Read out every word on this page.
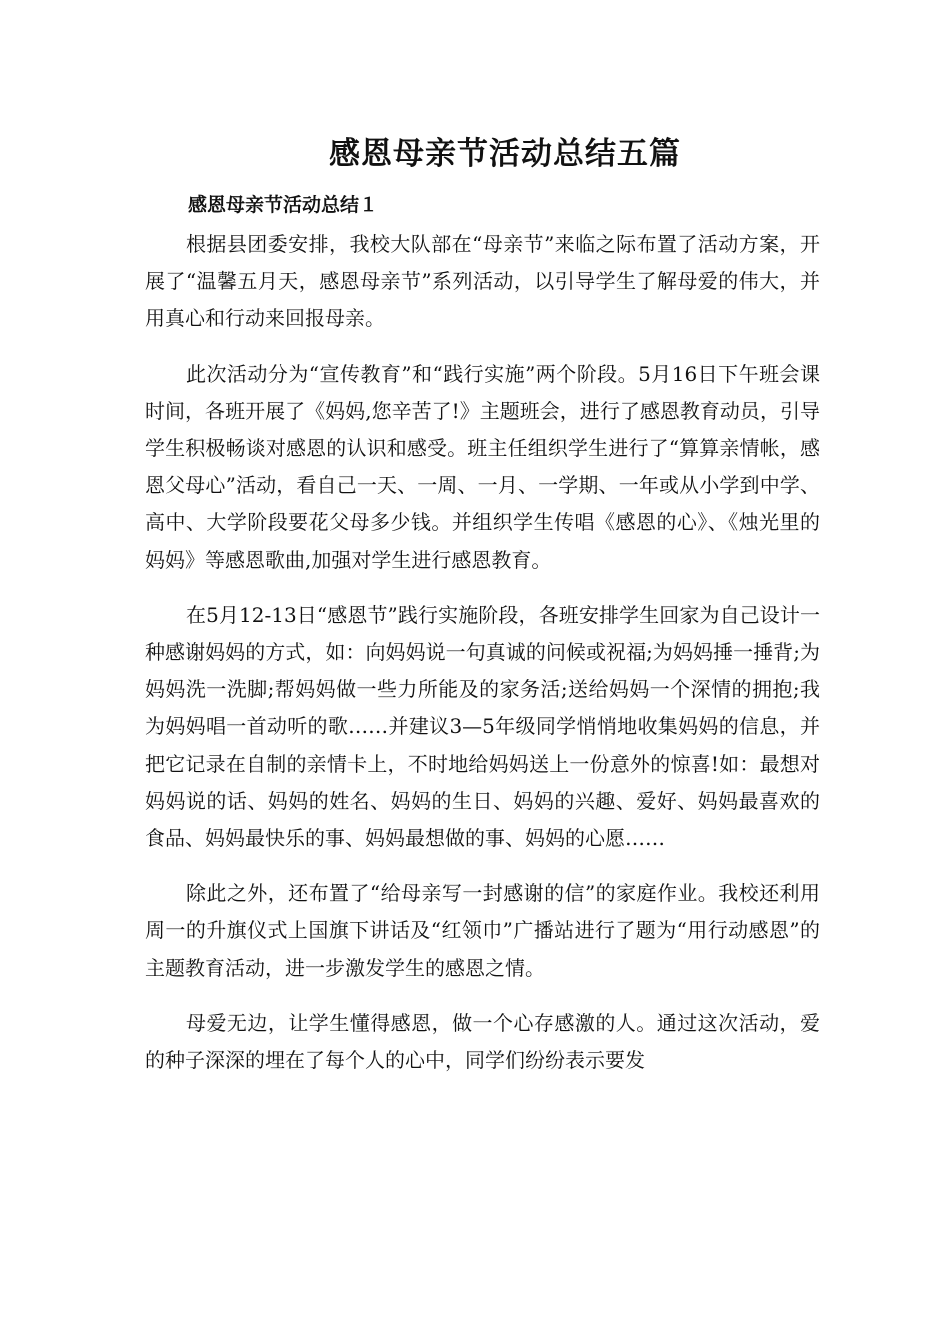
感恩母亲节活动总结五篇
感恩母亲节活动总结１

根据县团委安排，我校大队部在“母亲节”来临之际布置了活动方案，开展了“温馨五月天，感恩母亲节”系列活动，以引导学生了解母爱的伟大，并用真心和行动来回报母亲。

此次活动分为“宣传教育”和“践行实施”两个阶段。5月16日下午班会课时间，各班开展了《妈妈,您辛苦了!》主题班会，进行了感恩教育动员，引导学生积极畅谈对感恩的认识和感受。班主任组织学生进行了“算算亲情帐，感恩父母心”活动，看自己一天、一周、一月、一学期、一年或从小学到中学、高中、大学阶段要花父母多少钱。并组织学生传唱《感恩的心》、《烛光里的妈妈》等感恩歌曲,加强对学生进行感恩教育。

在5月12-13日“感恩节”践行实施阶段，各班安排学生回家为自己设计一种感谢妈妈的方式，如：向妈妈说一句真诚的问候或祝福;为妈妈捶一捶背;为妈妈洗一洗脚;帮妈妈做一些力所能及的家务活;送给妈妈一个深情的拥抱;我为妈妈唱一首动听的歌……并建议3—5年级同学悄悄地收集妈妈的信息，并把它记录在自制的亲情卡上，不时地给妈妈送上一份意外的惊喜!如：最想对妈妈说的话、妈妈的姓名、妈妈的生日、妈妈的兴趣、爱好、妈妈最喜欢的食品、妈妈最快乐的事、妈妈最想做的事、妈妈的心愿……

除此之外，还布置了“给母亲写一封感谢的信”的家庭作业。我校还利用周一的升旗仪式上国旗下讲话及“红领巾”广播站进行了题为“用行动感恩”的主题教育活动，进一步激发学生的感恩之情。

母爱无边，让学生懂得感恩，做一个心存感激的人。通过这次活动，爱的种子深深的埋在了每个人的心中，同学们纷纷表示要发
